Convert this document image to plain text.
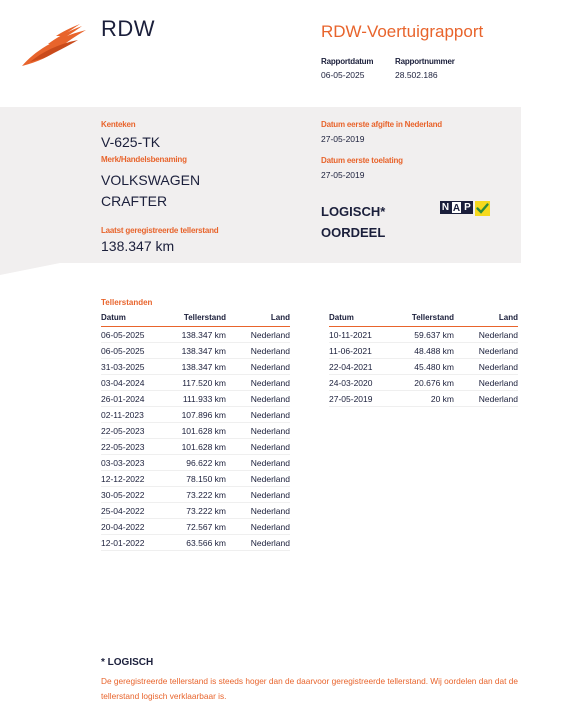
RDW	RDW-Voertuigrapport
Rapportdatum
06-05-2025
Rapportnummer
28.502.186
Kenteken
V-625-TK
Merk/Handelsbenaming
VOLKSWAGEN
CRAFTER
Laatst geregistreerde tellerstand
138.347 km
Datum eerste afgifte in Nederland
27-05-2019
Datum eerste toelating
27-05-2019
LOGISCH*
OORDEEL
N A P
Tellerstanden
Datum	Tellerstand	Land
06-05-2025	138.347 km	Nederland
06-05-2025	138.347 km	Nederland
31-03-2025	138.347 km	Nederland
03-04-2024	117.520 km	Nederland
26-01-2024	111.933 km	Nederland
02-11-2023	107.896 km	Nederland
22-05-2023	101.628 km	Nederland
22-05-2023	101.628 km	Nederland
03-03-2023	96.622 km	Nederland
12-12-2022	78.150 km	Nederland
30-05-2022	73.222 km	Nederland
25-04-2022	73.222 km	Nederland
20-04-2022	72.567 km	Nederland
12-01-2022	63.566 km	Nederland
Datum	Tellerstand	Land
10-11-2021	59.637 km	Nederland
11-06-2021	48.488 km	Nederland
22-04-2021	45.480 km	Nederland
24-03-2020	20.676 km	Nederland
27-05-2019	20 km	Nederland
* LOGISCH
De geregistreerde tellerstand is steeds hoger dan de daarvoor geregistreerde tellerstand. Wij oordelen dan dat de tellerstand logisch verklaarbaar is.
